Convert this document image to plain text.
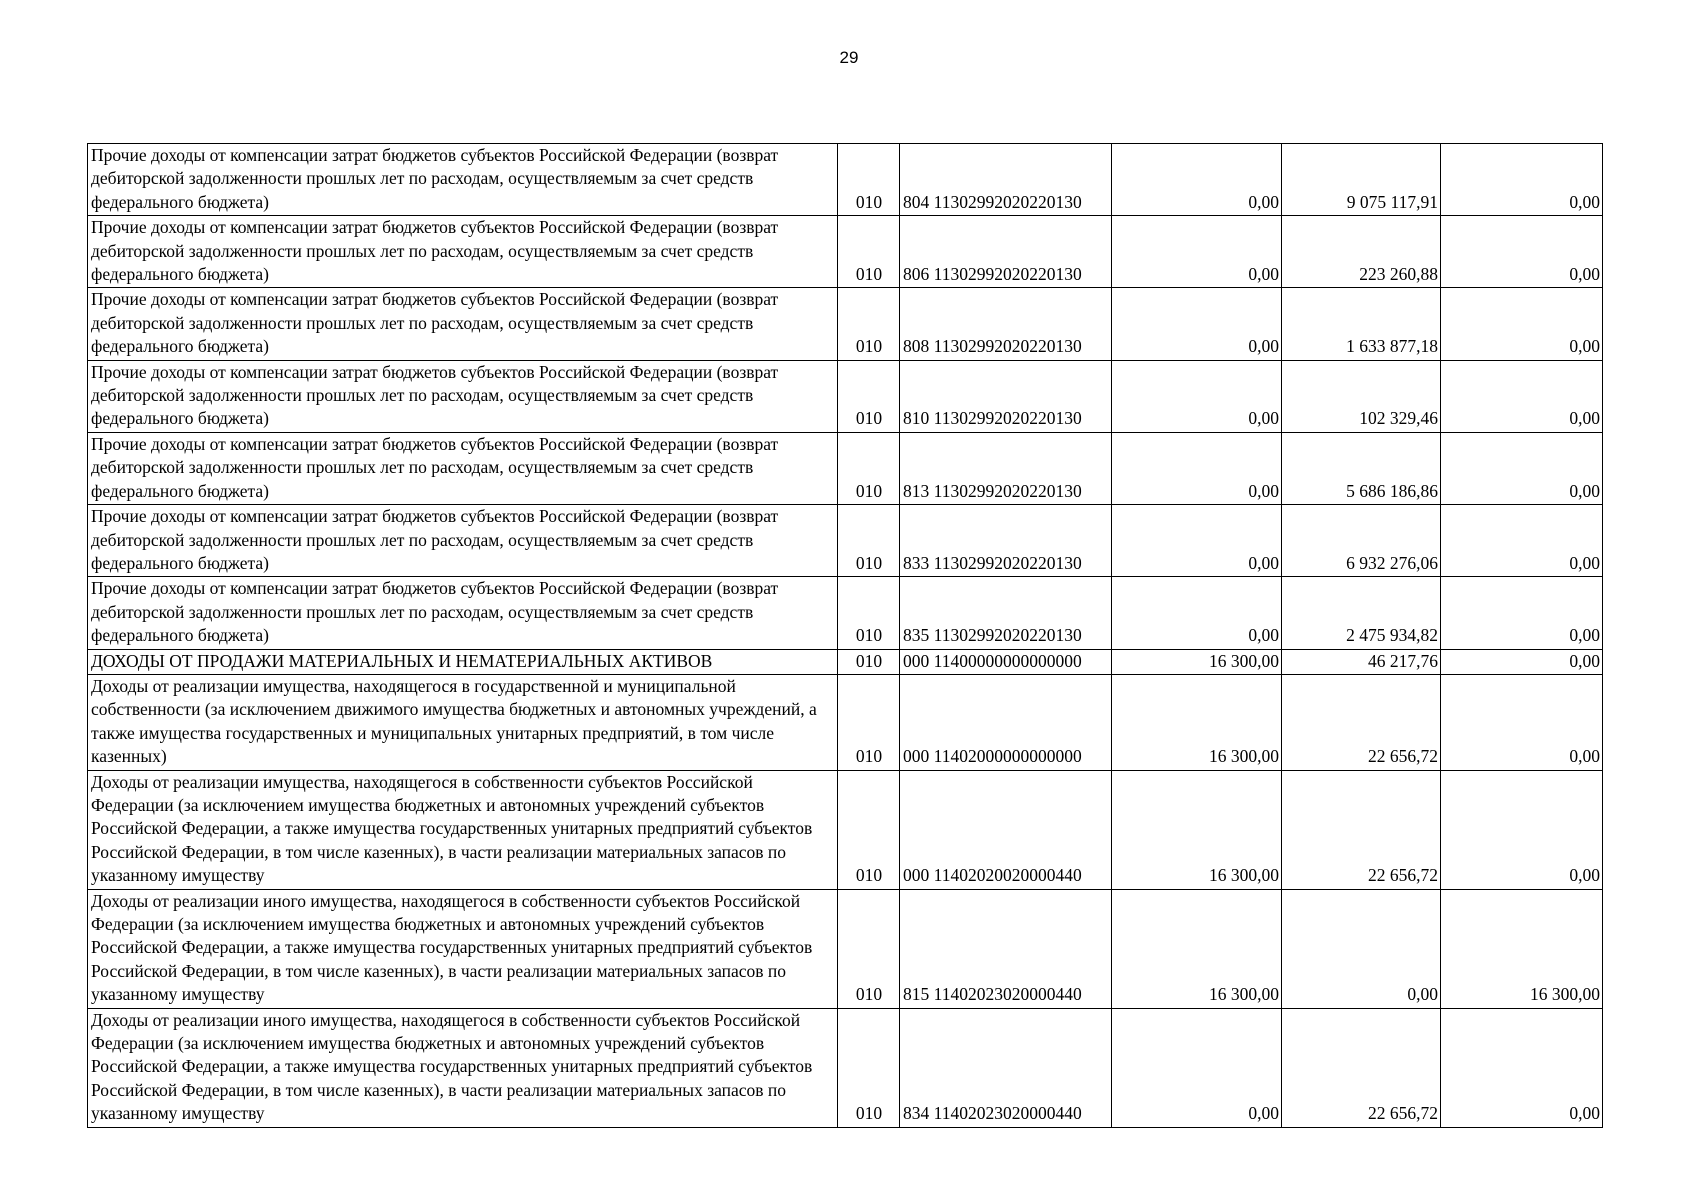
29
Прочие доходы от компенсации затрат бюджетов субъектов Российской Федерации (возврат дебиторской задолженности прошлых лет по расходам, осуществляемым за счет средств федерального бюджета)	010	804 11302992020220130	0,00	9 075 117,91	0,00
Прочие доходы от компенсации затрат бюджетов субъектов Российской Федерации (возврат дебиторской задолженности прошлых лет по расходам, осуществляемым за счет средств федерального бюджета)	010	806 11302992020220130	0,00	223 260,88	0,00
Прочие доходы от компенсации затрат бюджетов субъектов Российской Федерации (возврат дебиторской задолженности прошлых лет по расходам, осуществляемым за счет средств федерального бюджета)	010	808 11302992020220130	0,00	1 633 877,18	0,00
Прочие доходы от компенсации затрат бюджетов субъектов Российской Федерации (возврат дебиторской задолженности прошлых лет по расходам, осуществляемым за счет средств федерального бюджета)	010	810 11302992020220130	0,00	102 329,46	0,00
Прочие доходы от компенсации затрат бюджетов субъектов Российской Федерации (возврат дебиторской задолженности прошлых лет по расходам, осуществляемым за счет средств федерального бюджета)	010	813 11302992020220130	0,00	5 686 186,86	0,00
Прочие доходы от компенсации затрат бюджетов субъектов Российской Федерации (возврат дебиторской задолженности прошлых лет по расходам, осуществляемым за счет средств федерального бюджета)	010	833 11302992020220130	0,00	6 932 276,06	0,00
Прочие доходы от компенсации затрат бюджетов субъектов Российской Федерации (возврат дебиторской задолженности прошлых лет по расходам, осуществляемым за счет средств федерального бюджета)	010	835 11302992020220130	0,00	2 475 934,82	0,00
ДОХОДЫ ОТ ПРОДАЖИ МАТЕРИАЛЬНЫХ И НЕМАТЕРИАЛЬНЫХ АКТИВОВ	010	000 11400000000000000	16 300,00	46 217,76	0,00
Доходы от реализации имущества, находящегося в государственной и муниципальной собственности (за исключением движимого имущества бюджетных и автономных учреждений, а также имущества государственных и муниципальных унитарных предприятий, в том числе казенных)	010	000 11402000000000000	16 300,00	22 656,72	0,00
Доходы от реализации имущества, находящегося в собственности субъектов Российской Федерации (за исключением имущества бюджетных и автономных учреждений субъектов Российской Федерации, а также имущества государственных унитарных предприятий субъектов Российской Федерации, в том числе казенных), в части реализации материальных запасов по указанному имуществу	010	000 11402020020000440	16 300,00	22 656,72	0,00
Доходы от реализации иного имущества, находящегося в собственности субъектов Российской Федерации (за исключением имущества бюджетных и автономных учреждений субъектов Российской Федерации, а также имущества государственных унитарных предприятий субъектов Российской Федерации, в том числе казенных), в части реализации материальных запасов по указанному имуществу	010	815 11402023020000440	16 300,00	0,00	16 300,00
Доходы от реализации иного имущества, находящегося в собственности субъектов Российской Федерации (за исключением имущества бюджетных и автономных учреждений субъектов Российской Федерации, а также имущества государственных унитарных предприятий субъектов Российской Федерации, в том числе казенных), в части реализации материальных запасов по указанному имуществу	010	834 11402023020000440	0,00	22 656,72	0,00
